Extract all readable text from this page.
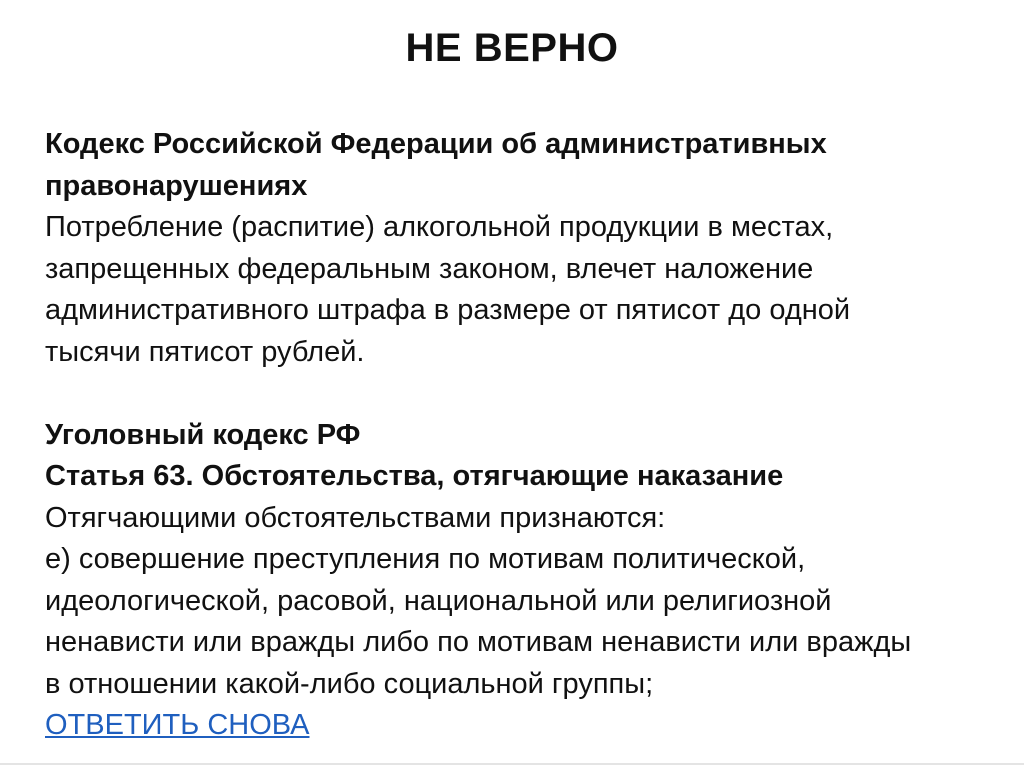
НЕ ВЕРНО
Кодекс Российской Федерации об административных
правонарушениях
Потребление (распитие) алкогольной продукции в местах,
запрещенных федеральным законом, влечет наложение
административного штрафа в размере от пятисот до одной
тысячи пятисот рублей.
Уголовный кодекс РФ
Статья 63. Обстоятельства, отягчающие наказание
Отягчающими обстоятельствами признаются:
е) совершение преступления по мотивам политической,
идеологической, расовой, национальной или религиозной
ненависти или вражды либо по мотивам ненависти или вражды
в отношении какой-либо социальной группы;
ОТВЕТИТЬ СНОВА
